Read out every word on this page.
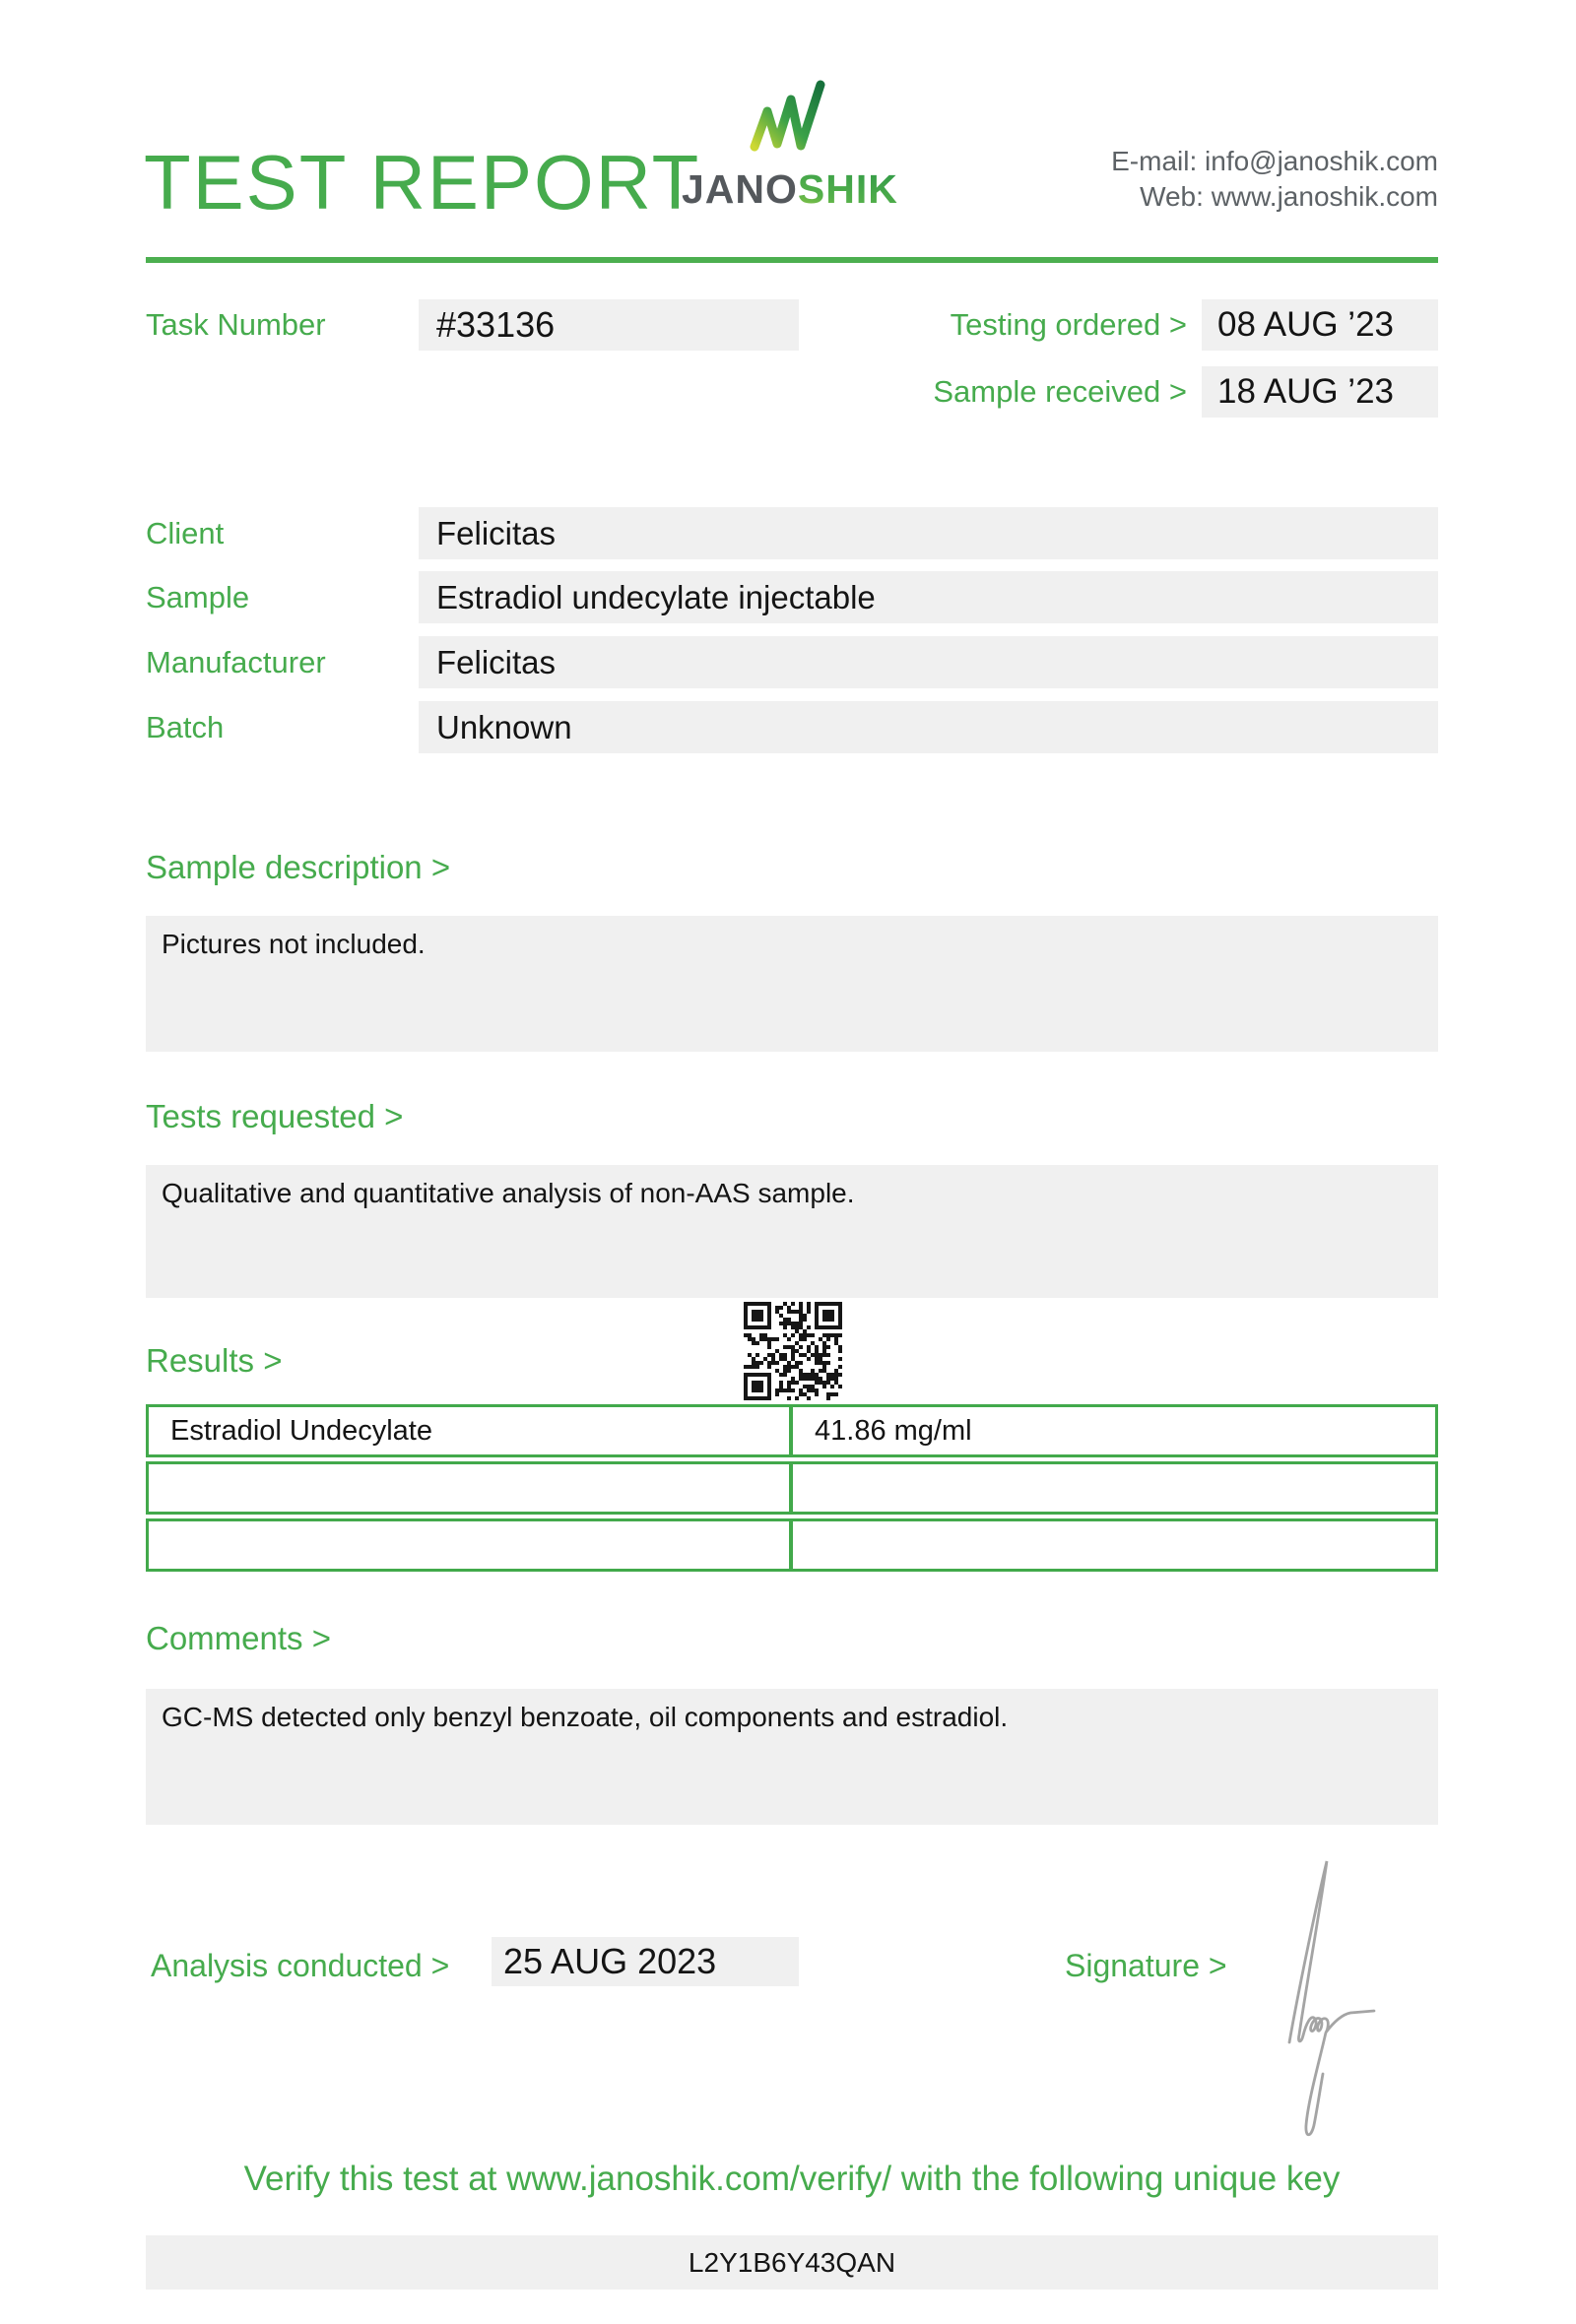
TEST REPORT
JANOSHIK
E-mail: info@janoshik.com
Web: www.janoshik.com
Task Number	#33136	Testing ordered > 08 AUG ’23
Sample received > 18 AUG ’23
Client	Felicitas
Sample	Estradiol undecylate injectable
Manufacturer	Felicitas
Batch	Unknown
Sample description >

Pictures not included.

Tests requested >

Qualitative and quantitative analysis of non-AAS sample.

Results >
Estradiol Undecylate	41.86 mg/ml
Comments >

GC-MS detected only benzyl benzoate, oil components and estradiol.

Analysis conducted >	25 AUG 2023	Signature >
Verify this test at www.janoshik.com/verify/ with the following unique key
L2Y1B6Y43QAN
